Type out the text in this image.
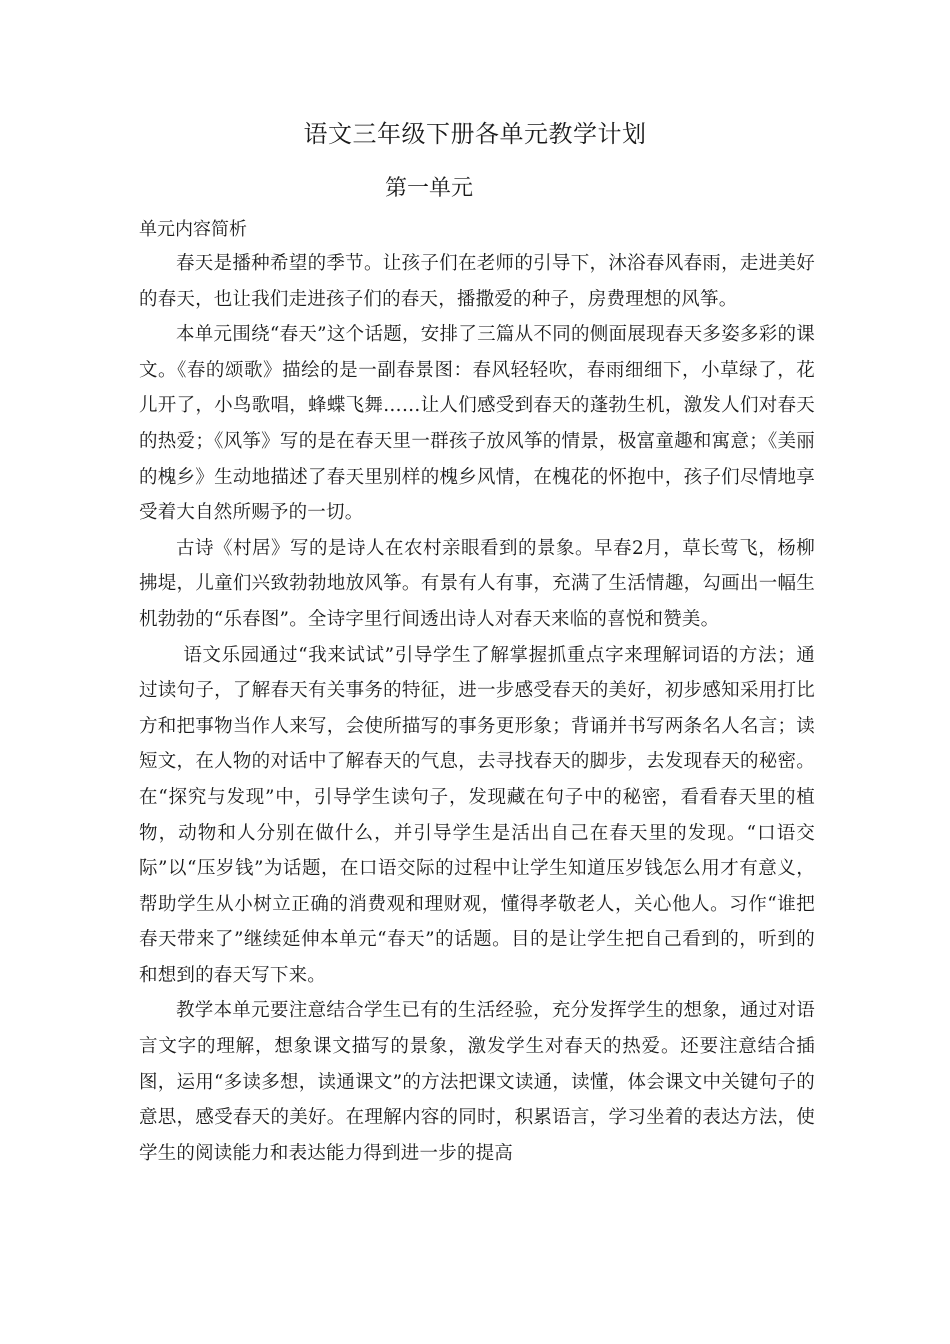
语文三年级下册各单元教学计划
第一单元
单元内容简析

春天是播种希望的季节。让孩子们在老师的引导下，沐浴春风春雨，走进美好的春天，也让我们走进孩子们的春天，播撒爱的种子，房费理想的风筝。

本单元围绕“春天”这个话题，安排了三篇从不同的侧面展现春天多姿多彩的课文。《春的颂歌》描绘的是一副春景图：春风轻轻吹，春雨细细下，小草绿了，花儿开了，小鸟歌唱，蜂蝶飞舞……让人们感受到春天的蓬勃生机，激发人们对春天的热爱；《风筝》写的是在春天里一群孩子放风筝的情景，极富童趣和寓意；《美丽的槐乡》生动地描述了春天里别样的槐乡风情，在槐花的怀抱中，孩子们尽情地享受着大自然所赐予的一切。

古诗《村居》写的是诗人在农村亲眼看到的景象。早春2月，草长莺飞，杨柳拂堤，儿童们兴致勃勃地放风筝。有景有人有事，充满了生活情趣，勾画出一幅生机勃勃的“乐春图”。全诗字里行间透出诗人对春天来临的喜悦和赞美。

语文乐园通过“我来试试”引导学生了解掌握抓重点字来理解词语的方法；通过读句子，了解春天有关事务的特征，进一步感受春天的美好，初步感知采用打比方和把事物当作人来写，会使所描写的事务更形象；背诵并书写两条名人名言；读短文，在人物的对话中了解春天的气息，去寻找春天的脚步，去发现春天的秘密。在“探究与发现”中，引导学生读句子，发现藏在句子中的秘密，看看春天里的植物，动物和人分别在做什么，并引导学生是活出自己在春天里的发现。“口语交际”以“压岁钱”为话题，在口语交际的过程中让学生知道压岁钱怎么用才有意义，帮助学生从小树立正确的消费观和理财观，懂得孝敬老人，关心他人。习作“谁把春天带来了”继续延伸本单元“春天”的话题。目的是让学生把自己看到的，听到的和想到的春天写下来。

教学本单元要注意结合学生已有的生活经验，充分发挥学生的想象，通过对语言文字的理解，想象课文描写的景象，激发学生对春天的热爱。还要注意结合插图，运用“多读多想，读通课文”的方法把课文读通，读懂，体会课文中关键句子的意思，感受春天的美好。在理解内容的同时，积累语言，学习坐着的表达方法，使学生的阅读能力和表达能力得到进一步的提高
